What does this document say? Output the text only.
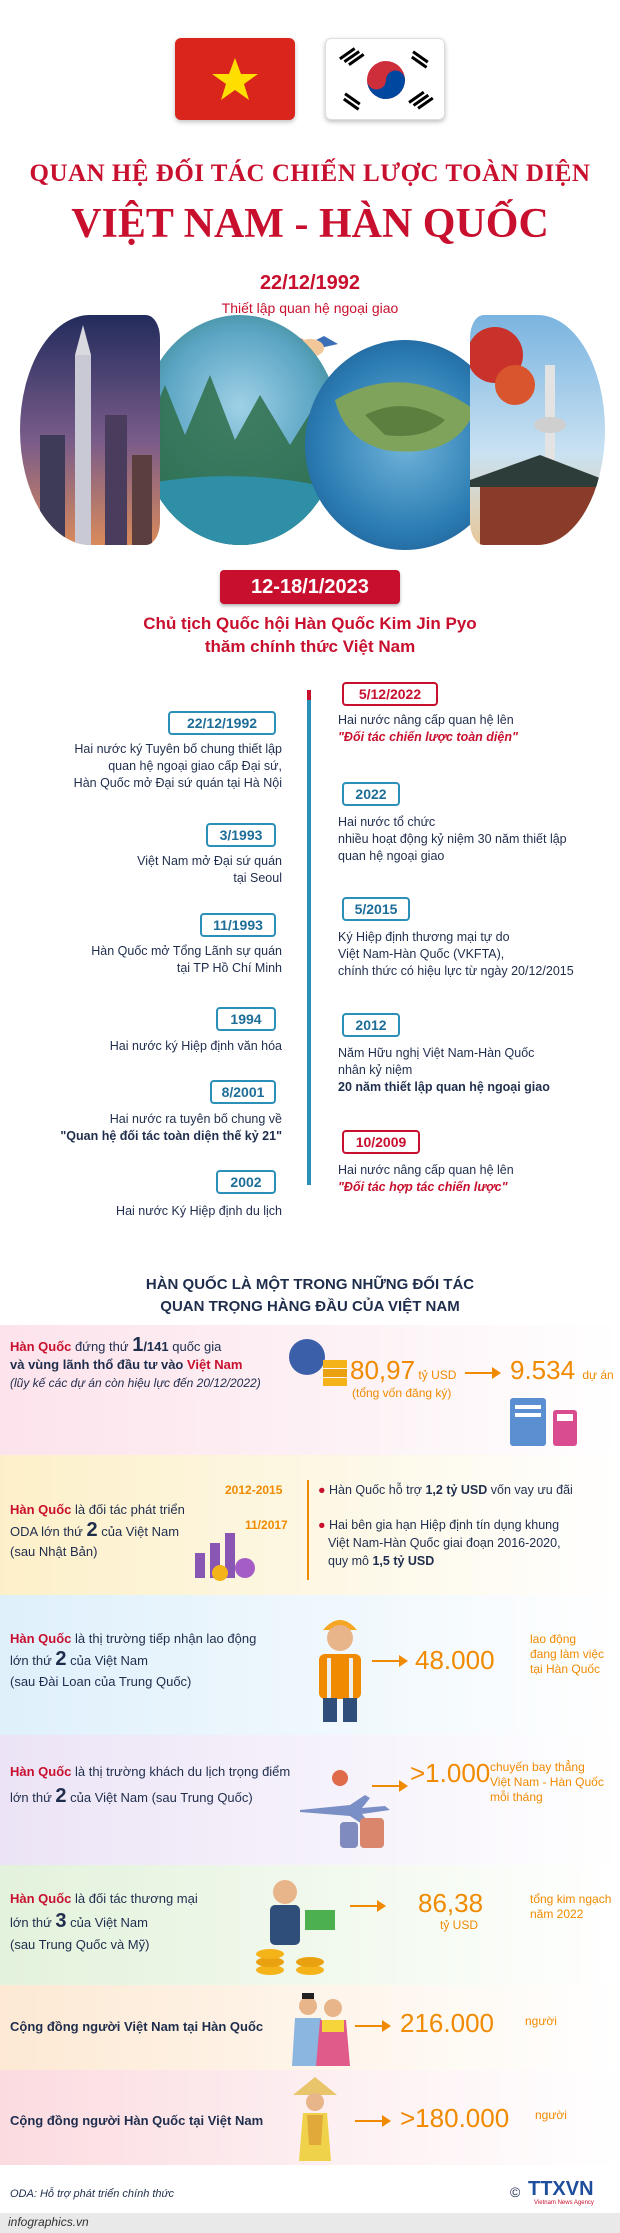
QUAN HỆ ĐỐI TÁC CHIẾN LƯỢC TOÀN DIỆN
VIỆT NAM - HÀN QUỐC
22/12/1992
Thiết lập quan hệ ngoại giao
12-18/1/2023
Chủ tịch Quốc hội Hàn Quốc Kim Jin Pyo
thăm chính thức Việt Nam
22/12/1992
Hai nước ký Tuyên bố chung thiết lập
quan hệ ngoại giao cấp Đại sứ,
Hàn Quốc mở Đại sứ quán tại Hà Nội
3/1993
Việt Nam mở Đại sứ quán
tại Seoul
11/1993
Hàn Quốc mở Tổng Lãnh sự quán
tại TP Hồ Chí Minh
1994
Hai nước ký Hiệp định văn hóa
8/2001
Hai nước ra tuyên bố chung về
"Quan hệ đối tác toàn diện thế kỷ 21"
2002
Hai nước Ký Hiệp định du lịch
5/12/2022
Hai nước nâng cấp quan hệ lên
"Đối tác chiến lược toàn diện"
2022
Hai nước tổ chức
nhiều hoạt động kỷ niệm 30 năm thiết lập
quan hệ ngoại giao
5/2015
Ký Hiệp định thương mại tự do
Việt Nam-Hàn Quốc (VKFTA),
chính thức có hiệu lực từ ngày 20/12/2015
2012
Năm Hữu nghị Việt Nam-Hàn Quốc
nhân kỷ niệm
20 năm thiết lập quan hệ ngoại giao
10/2009
Hai nước nâng cấp quan hệ lên
"Đối tác hợp tác chiến lược"
HÀN QUỐC LÀ MỘT TRONG NHỮNG ĐỐI TÁC
QUAN TRỌNG HÀNG ĐẦU CỦA VIỆT NAM
Hàn Quốc đứng thứ 1/141 quốc gia
và vùng lãnh thổ đầu tư vào Việt Nam
(lũy kế các dự án còn hiệu lực đến 20/12/2022)	80,97 tỷ USD
(tổng vốn đăng ký)
9.534 dự án
Hàn Quốc là đối tác phát triển
ODA lớn thứ 2 của Việt Nam
(sau Nhật Bản)
2012-2015	● Hàn Quốc hỗ trợ 1,2 tỷ USD vốn vay ưu đãi
11/2017 ● Hai bên gia hạn Hiệp định tín dụng khung
Việt Nam-Hàn Quốc giai đoạn 2016-2020,
quy mô 1,5 tỷ USD
Hàn Quốc là thị trường tiếp nhận lao động
lớn thứ 2 của Việt Nam
(sau Đài Loan của Trung Quốc)
48.000
lao động
đang làm việc
tại Hàn Quốc
Hàn Quốc là thị trường khách du lịch trọng điểm
lớn thứ 2 của Việt Nam (sau Trung Quốc)
>1.000 chuyến bay thẳng
Việt Nam - Hàn Quốc
mỗi tháng
Hàn Quốc là đối tác thương mại
lớn thứ 3 của Việt Nam
(sau Trung Quốc và Mỹ)
86,38
tỷ USD
tổng kim ngạch
năm 2022
Cộng đồng người Việt Nam tại Hàn Quốc	216.000	người
Cộng đồng người Hàn Quốc tại Việt Nam	>180.000 người
ODA: Hỗ trợ phát triển chính thức	© TTXVN
Vietnam News Agency
infographics.vn
